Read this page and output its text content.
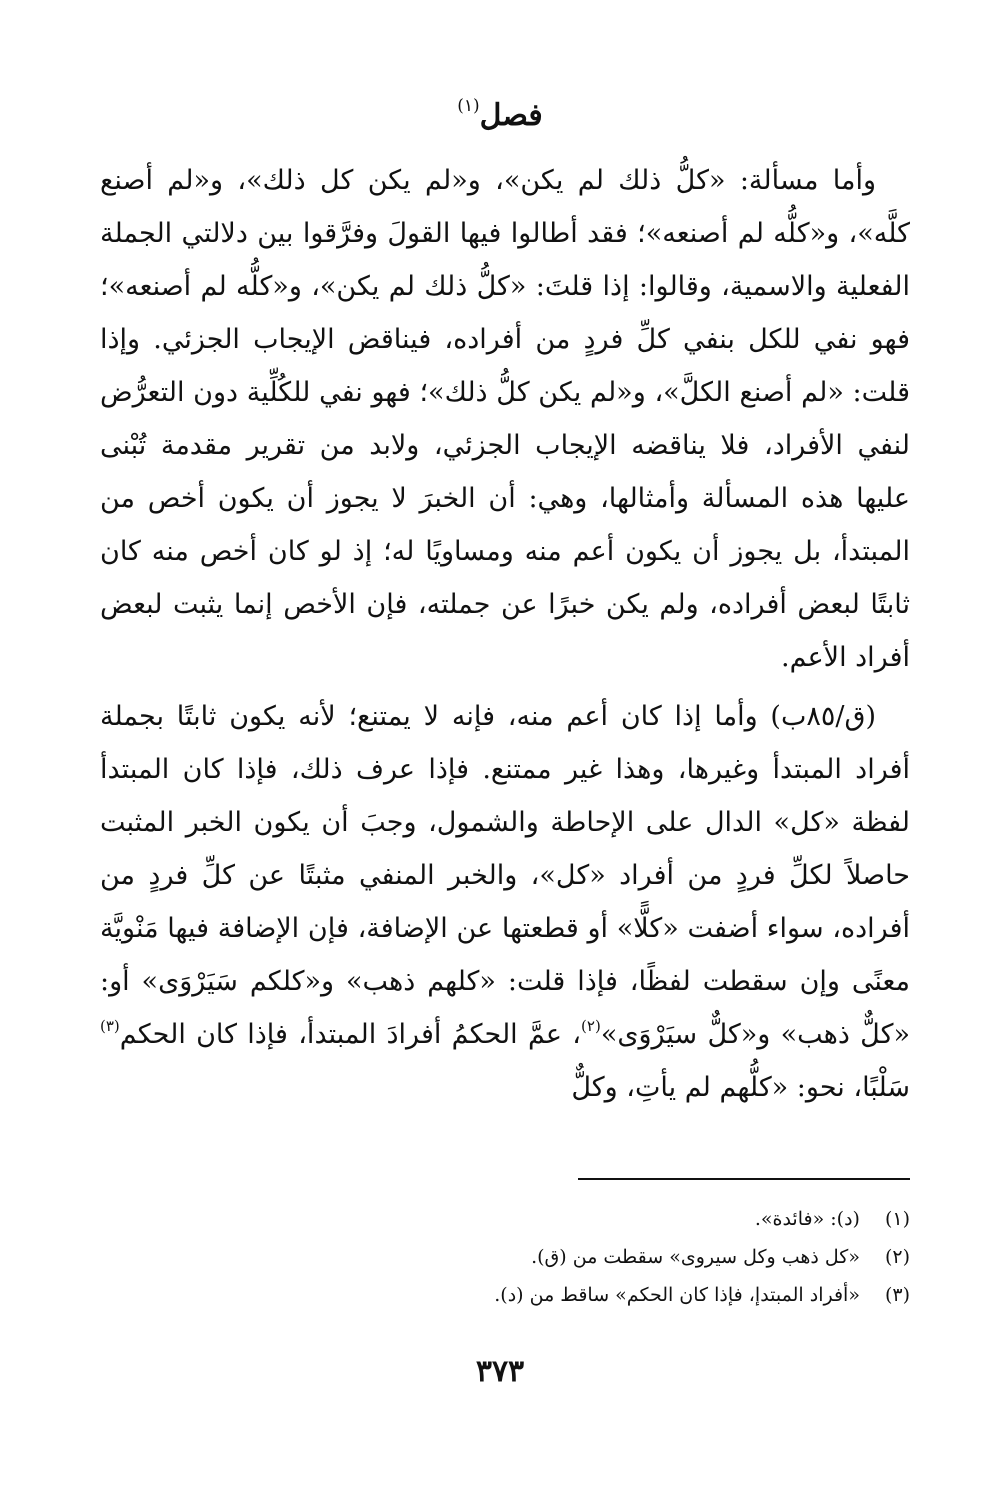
فصل$^{(١)}$

وأما مسألة: «كلُّ ذلك لم يكن»، و«لم يكن كل ذلك»، و«لم أصنع كلَّه»، و«كلُّه لم أصنعه»؛ فقد أطالوا فيها القولَ وفرَّقوا بين دلالتي الجملة الفعلية والاسمية، وقالوا: إذا قلتَ: «كلُّ ذلك لم يكن»، و«كلُّه لم أصنعه»؛ فهو نفي للكل بنفي كلِّ فردٍ من أفراده، فيناقض الإيجاب الجزئي. وإذا قلت: «لم أصنع الكلَّ»، و«لم يكن كلُّ ذلك»؛ فهو نفي للكُلِّية دون التعرُّض لنفي الأفراد، فلا يناقضه الإيجاب الجزئي، ولابد من تقرير مقدمة تُبْنى عليها هذه المسألة وأمثالها، وهي: أن الخبرَ لا يجوز أن يكون أخص من المبتدأ، بل يجوز أن يكون أعم منه ومساويًا له؛ إذ لو كان أخص منه كان ثابتًا لبعض أفراده، ولم يكن خبرًا عن جملته، فإن الأخص إنما يثبت لبعض أفراد الأعم.

(ق/٨٥ب) وأما إذا كان أعم منه، فإنه لا يمتنع؛ لأنه يكون ثابتًا بجملة أفراد المبتدأ وغيرها، وهذا غير ممتنع. فإذا عرف ذلك، فإذا كان المبتدأ لفظة «كل» الدال على الإحاطة والشمول، وجبَ أن يكون الخبر المثبت حاصلاً لكلِّ فردٍ من أفراد «كل»، والخبر المنفي مثبتًا عن كلِّ فردٍ من أفراده، سواء أضفت «كلًّا» أو قطعتها عن الإضافة، فإن الإضافة فيها مَنْويَّة معنًى وإن سقطت لفظًا، فإذا قلت: «كلهم ذهب» و«كلكم سَيَرْوَى» أو: «كلٌّ ذهب» و«كلٌّ سيَرْوَى»$^{(٢)}$، عمَّ الحكمُ أفرادَ المبتدأ، فإذا كان الحكم$^{(٣)}$ سَلْبًا، نحو: «كلُّهم لم يأتِ، وكلٌّ

(١) (د): «فائدة».
(٢) «كل ذهب وكل سيروى» سقطت من (ق).
(٣) «أفراد المبتدإ، فإذا كان الحكم» ساقط من (د).
٣٧٣
